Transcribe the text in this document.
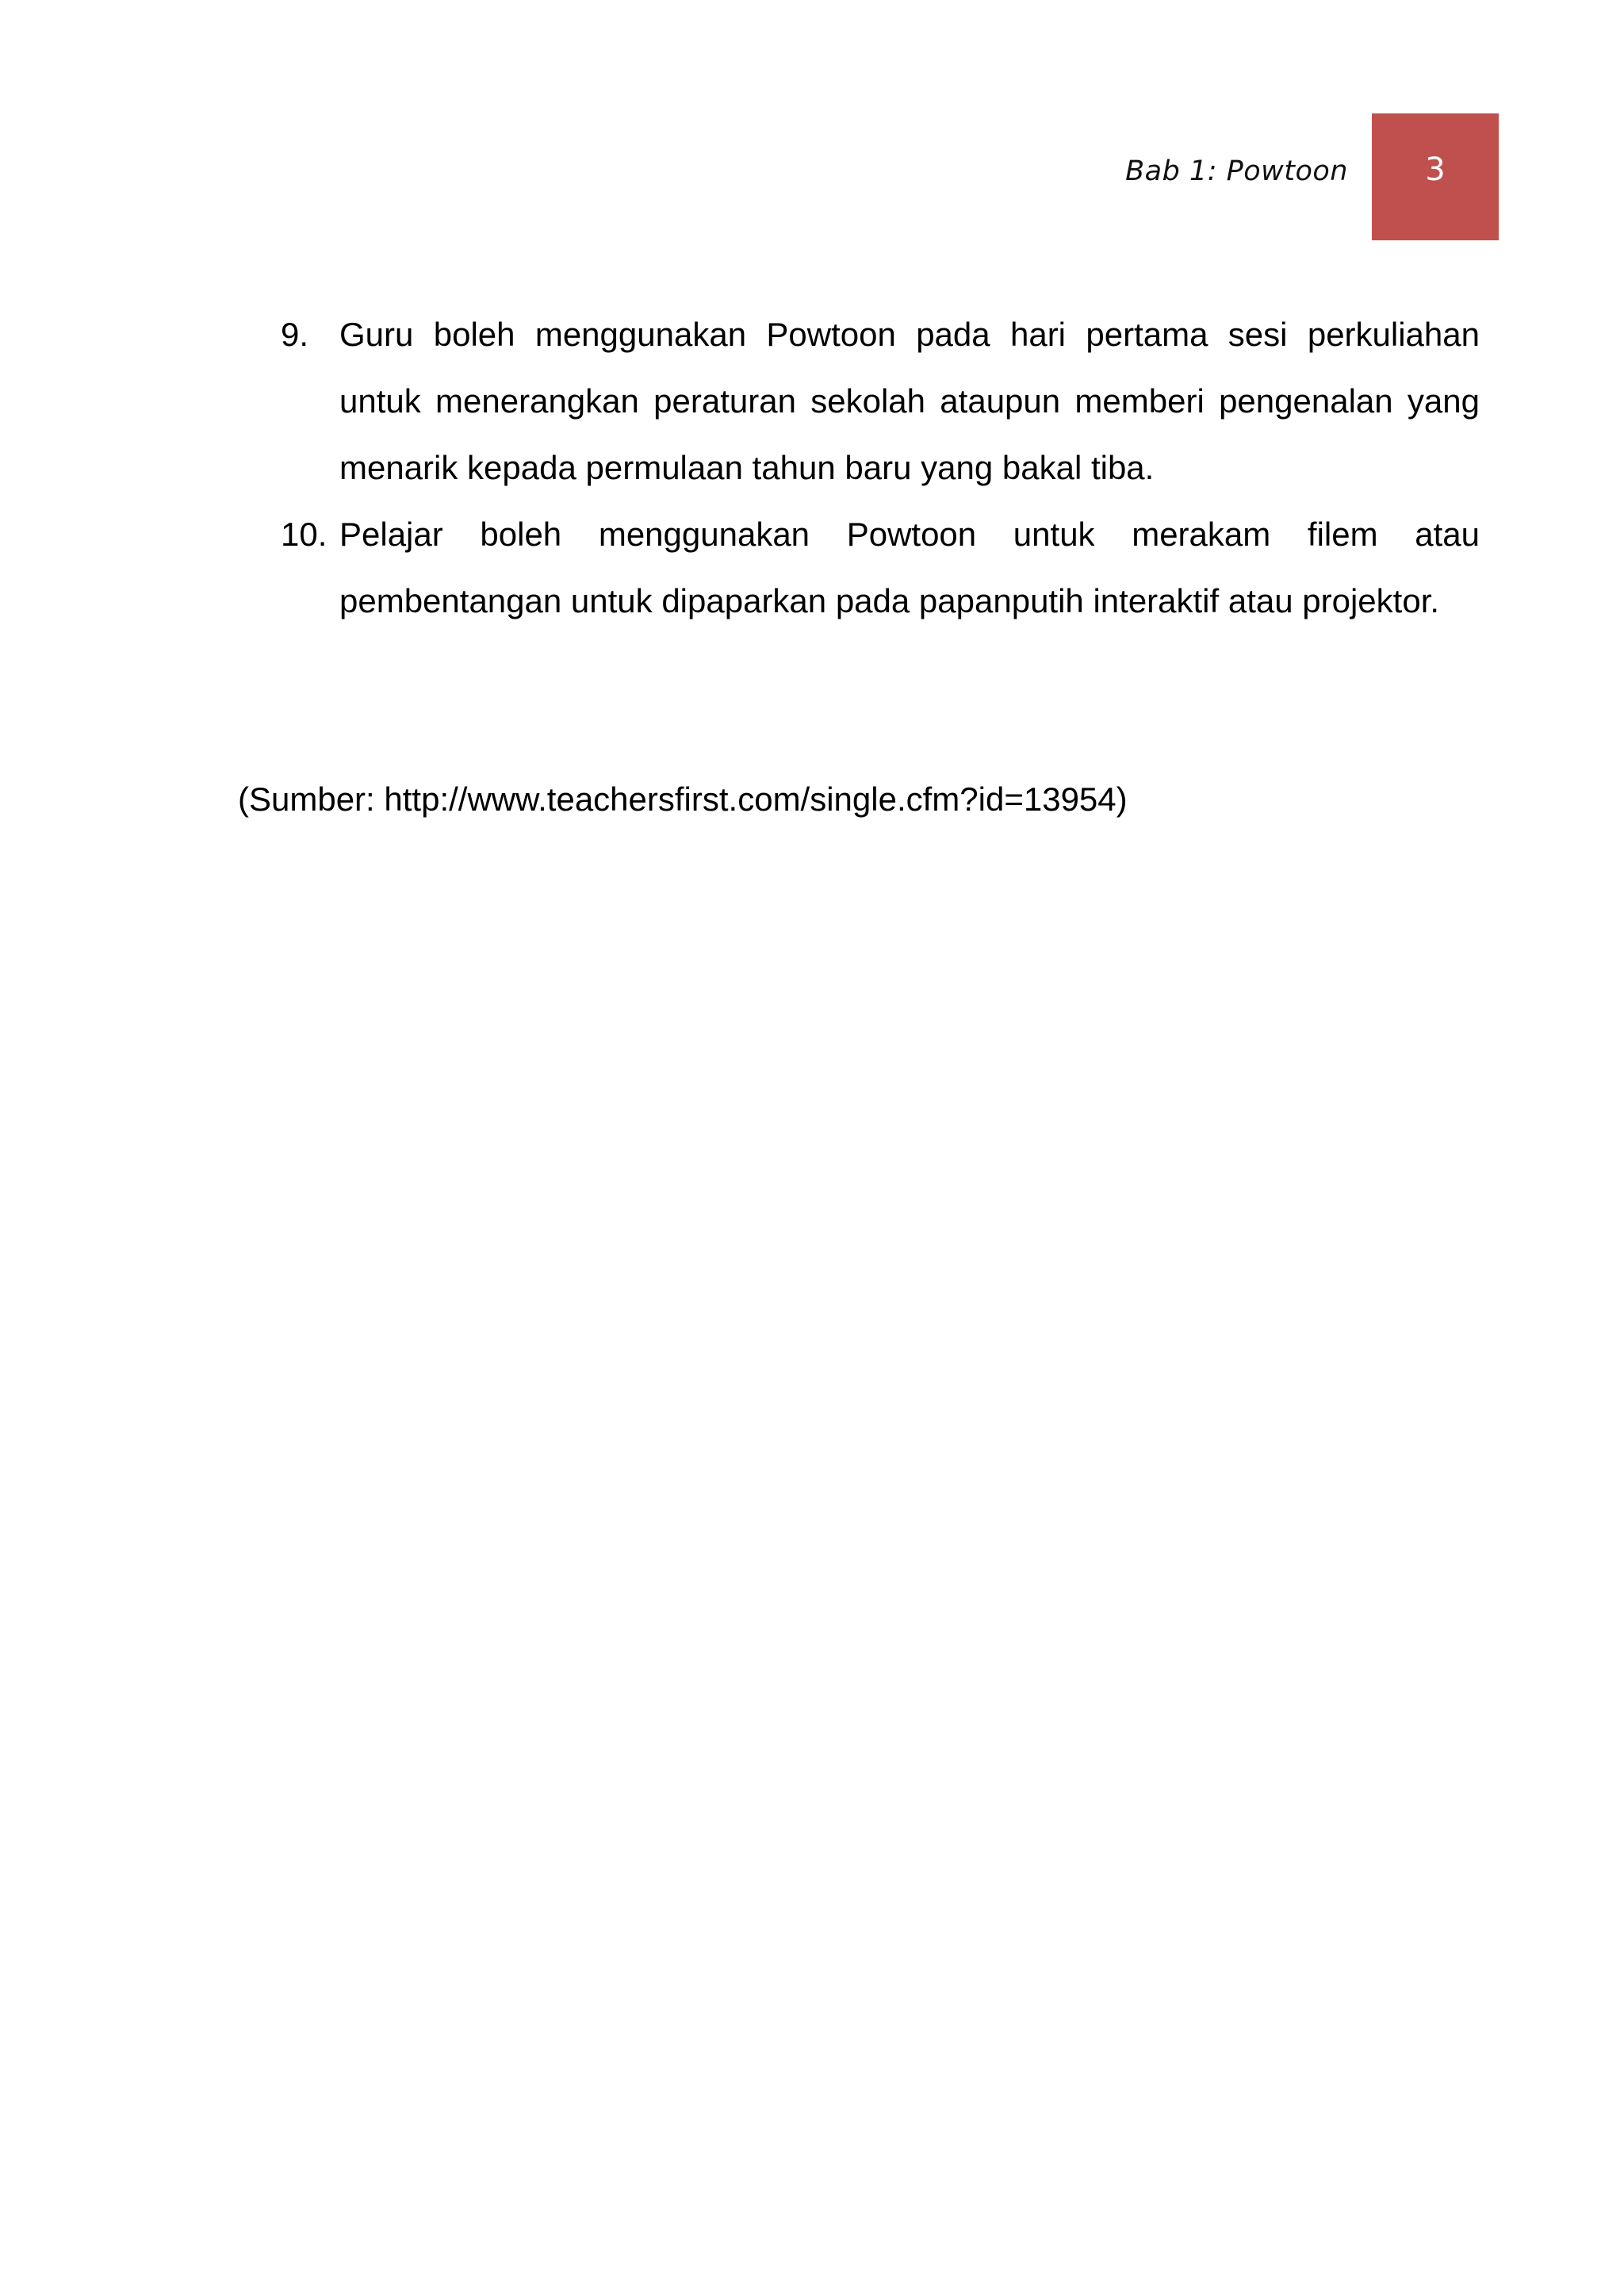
Bab 1: Powtoon	3
9. Guru boleh menggunakan Powtoon pada hari pertama sesi perkuliahan untuk menerangkan peraturan sekolah ataupun memberi pengenalan yang menarik kepada permulaan tahun baru yang bakal tiba.
10. Pelajar boleh menggunakan Powtoon untuk merakam filem atau pembentangan untuk dipaparkan pada papanputih interaktif atau projektor.
(Sumber: http://www.teachersfirst.com/single.cfm?id=13954)
